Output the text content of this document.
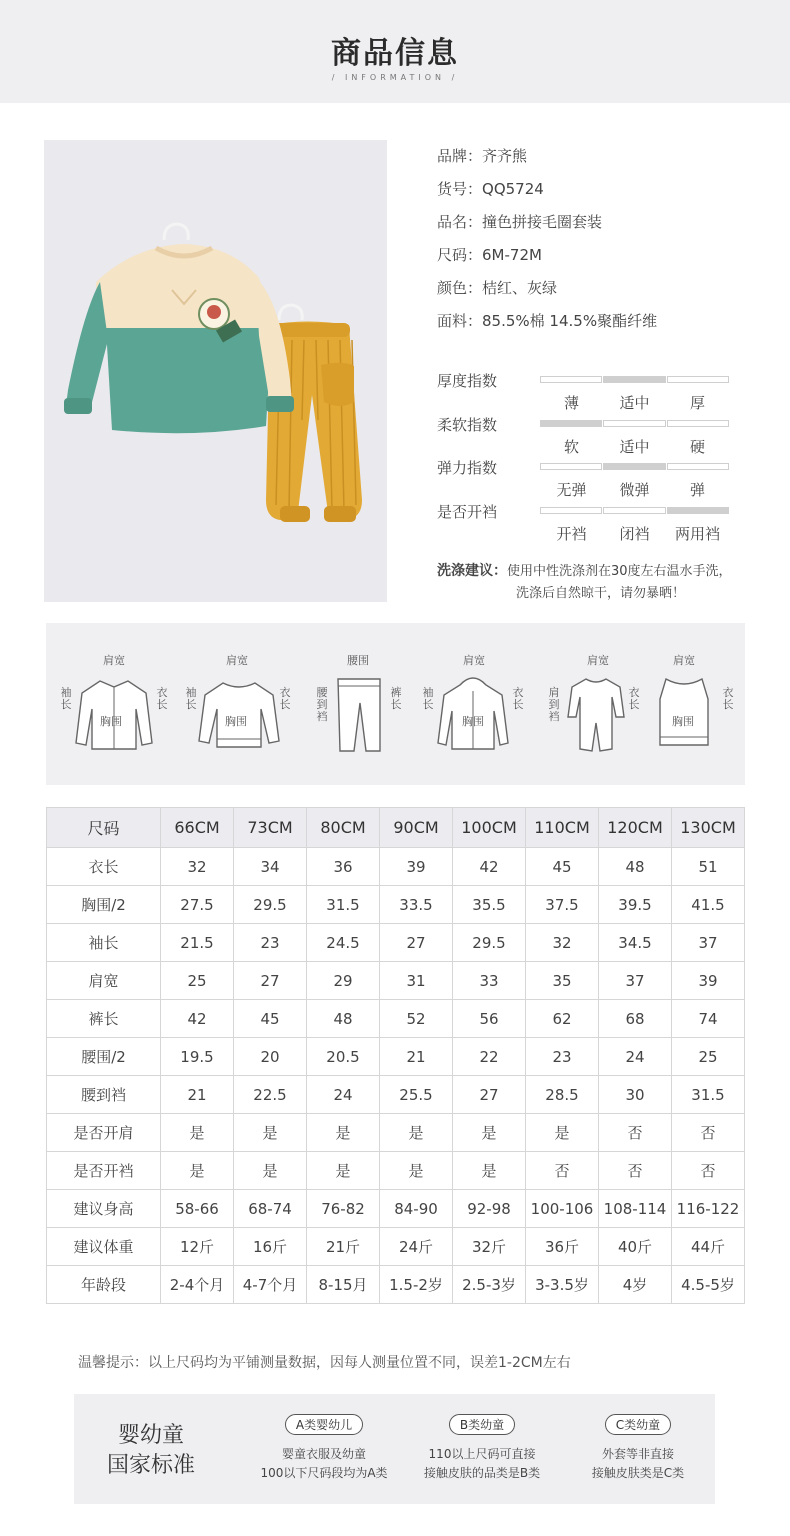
商品信息
/ INFORMATION /
品牌：齐齐熊
货号：QQ5724
品名：撞色拼接毛圈套装
尺码：6M-72M
颜色：桔红、灰绿
面料：85.5%棉 14.5%聚酯纤维
厚度指数
薄	适中	厚
柔软指数
软	适中	硬
弹力指数
无弹	微弹	弹
是否开裆
开裆	闭裆	两用裆
洗涤建议：使用中性洗涤剂在30度左右温水手洗，
洗涤后自然晾干，请勿暴晒！
肩宽
袖长
衣长
胸围
肩宽
袖长
衣长
胸围
腰围
腰到裆
裤长
肩宽
袖长
衣长
胸围
肩宽
肩到裆
衣长
肩宽
衣长
胸围
尺码	66CM	73CM	80CM	90CM	100CM	110CM	120CM	130CM
衣长	32	34	36	39	42	45	48	51
胸围/2	27.5	29.5	31.5	33.5	35.5	37.5	39.5	41.5
袖长	21.5	23	24.5	27	29.5	32	34.5	37
肩宽	25	27	29	31	33	35	37	39
裤长	42	45	48	52	56	62	68	74
腰围/2	19.5	20	20.5	21	22	23	24	25
腰到裆	21	22.5	24	25.5	27	28.5	30	31.5
是否开肩	是	是	是	是	是	是	否	否
是否开裆	是	是	是	是	是	否	否	否
建议身高	58-66	68-74	76-82	84-90	92-98	100-106	108-114	116-122
建议体重	12斤	16斤	21斤	24斤	32斤	36斤	40斤	44斤
年龄段	2-4个月	4-7个月	8-15月	1.5-2岁	2.5-3岁	3-3.5岁	4岁	4.5-5岁
温馨提示：以上尺码均为平铺测量数据，因每人测量位置不同，误差1-2CM左右
婴幼童
国家标准
A类婴幼儿
婴童衣服及幼童
100以下尺码段均为A类
B类幼童
110以上尺码可直接
接触皮肤的品类是B类
C类幼童
外套等非直接
接触皮肤类是C类
